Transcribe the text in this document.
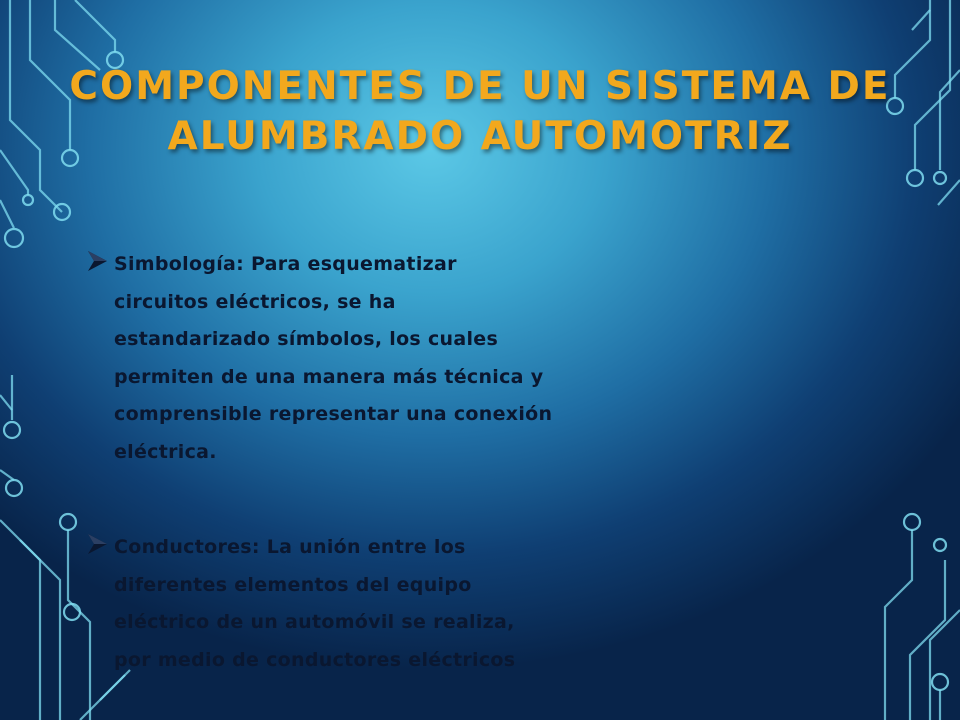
COMPONENTES DE UN SISTEMA DE
ALUMBRADO AUTOMOTRIZ
Simbología: Para esquematizar circuitos eléctricos, se ha estandarizado símbolos, los cuales permiten de una manera más técnica y comprensible representar una conexión eléctrica.
Conductores: La unión entre los diferentes elementos del equipo eléctrico de un automóvil se realiza, por medio de conductores eléctricos
